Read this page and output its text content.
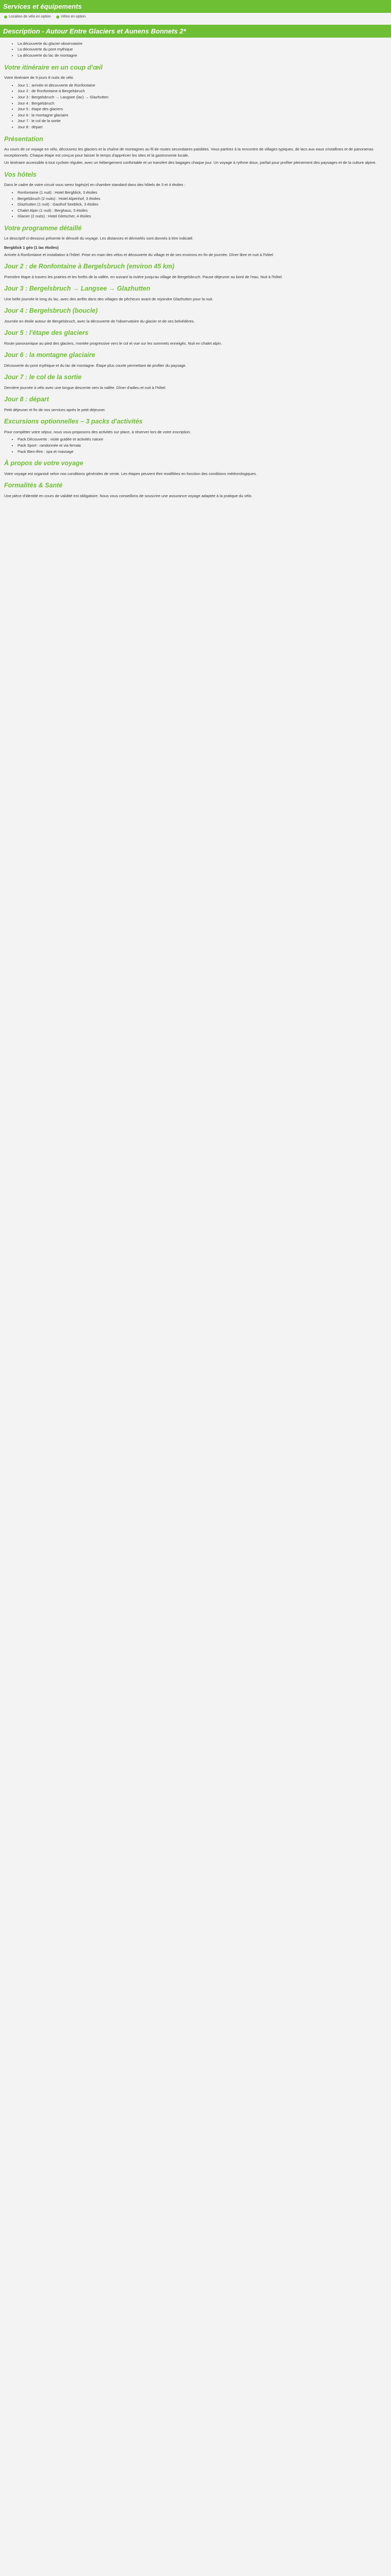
Services et équipements
Location de vélo en option	Vélos en option
Description - Autour Entre Glaciers et Aunens Bonnets 2*
• La découverte du glacier-observatoire
• La découverte du pont mythique
• La découverte du lac de montagne
Votre itinéraire en un coup d'œil

Votre itinéraire de 9 jours 8 nuits de vélo

• Jour 1 : arrivée et découverte de Ronfontaine
• Jour 2 : de Ronfontaine à Bergelsbruch
• Jour 3 : Bergelsbruch → Langsee (lac) → Glazhutten
• Jour 4 : Bergelsbruch
• Jour 5 : étape des glaciers
• Jour 6 : la montagne glaciaire
• Jour 7 : le col de la sortie
• Jour 8 : départ
Présentation

Au cours de ce voyage en vélo, découvrez les glaciers et la chaîne de montagnes au fil de routes secondaires paisibles. Vous partirez à la rencontre de villages typiques, de lacs aux eaux cristallines et de panoramas exceptionnels. Chaque étape est conçue pour laisser le temps d'apprécier les sites et la gastronomie locale.

Un itinéraire accessible à tout cycliste régulier, avec un hébergement confortable et un transfert des bagages chaque jour. Un voyage à rythme doux, parfait pour profiter pleinement des paysages et de la culture alpine.

Vos hôtels

Dans le cadre de votre circuit vous serez logés(e) en chambre standard dans des hôtels de 3 et 4 étoiles :

• Ronfontaine (1 nuit) : Hotel Bergblick, 3 étoiles
• Bergelsbruch (2 nuits) : Hotel Alpenhof, 3 étoiles
• Glazhutten (1 nuit) : Gasthof Seeblick, 3 étoiles
• Chalet Alpin (1 nuit) : Berghaus, 3 étoiles
• Glacier (2 nuits) : Hotel Gletscher, 4 étoiles
Votre programme détaillé

Le descriptif ci-dessous présente le déroulé du voyage. Les distances et dénivelés sont donnés à titre indicatif.

Bergblick 1 géo (1 lac étoiles)

Arrivée à Ronfontaine et installation à l'hôtel. Prise en main des vélos et découverte du village et de ses environs en fin de journée. Dîner libre et nuit à l'hôtel.

Jour 2 : de Ronfontaine à Bergelsbruch (environ 45 km)

Première étape à travers les prairies et les forêts de la vallée, en suivant la rivière jusqu'au village de Bergelsbruch. Pause déjeuner au bord de l'eau. Nuit à l'hôtel.

Jour 3 : Bergelsbruch → Langsee → Glazhutten

Une belle journée le long du lac, avec des arrêts dans des villages de pêcheurs avant de rejoindre Glazhutten pour la nuit.

Jour 4 : Bergelsbruch (boucle)

Journée en étoile autour de Bergelsbruch, avec la découverte de l'observatoire du glacier et de ses belvédères.

Jour 5 : l'étape des glaciers

Route panoramique au pied des glaciers, montée progressive vers le col et vue sur les sommets enneigés. Nuit en chalet alpin.

Jour 6 : la montagne glaciaire

Découverte du pont mythique et du lac de montagne. Étape plus courte permettant de profiter du paysage.

Jour 7 : le col de la sortie

Dernière journée à vélo avec une longue descente vers la vallée. Dîner d'adieu et nuit à l'hôtel.

Jour 8 : départ

Petit déjeuner et fin de nos services après le petit déjeuner.

Excursions optionnelles – 3 packs d'activités

Pour compléter votre séjour, nous vous proposons des activités sur place, à réserver lors de votre inscription.

• Pack Découverte : visite guidée et activités nature
• Pack Sport : randonnée et via ferrata
• Pack Bien-être : spa et massage
À propos de votre voyage

Votre voyage est organisé selon nos conditions générales de vente. Les étapes peuvent être modifiées en fonction des conditions météorologiques.

Formalités & Santé

Une pièce d'identité en cours de validité est obligatoire. Nous vous conseillons de souscrire une assurance voyage adaptée à la pratique du vélo.
